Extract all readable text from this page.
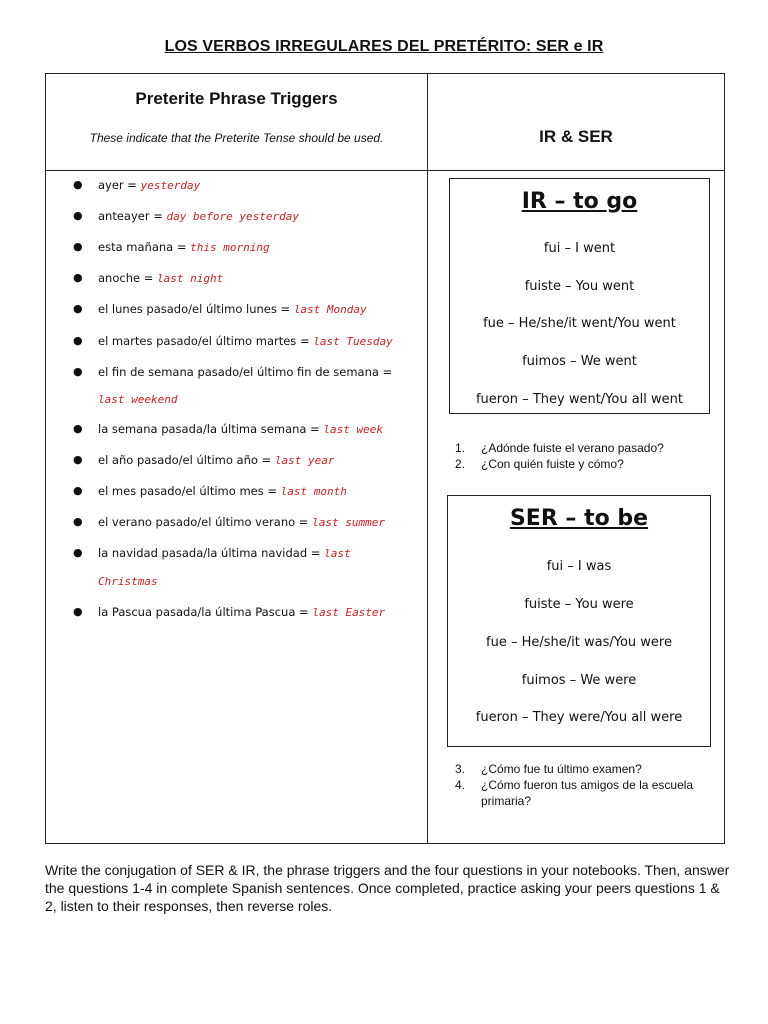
LOS VERBOS IRREGULARES DEL PRETÉRITO: SER e IR
Preterite Phrase Triggers
These indicate that the Preterite Tense should be used.	IR & SER
● ayer = yesterday
● anteayer = day before yesterday
● esta mañana = this morning
● anoche = last night
● el lunes pasado/el último lunes = last Monday
● el martes pasado/el último martes = last Tuesday
● el fin de semana pasado/el último fin de semana =
last weekend
● la semana pasada/la última semana = last week
● el año pasado/el último año = last year
● el mes pasado/el último mes = last month
● el verano pasado/el último verano = last summer
● la navidad pasada/la última navidad = last
Christmas
● la Pascua pasada/la última Pascua = last Easter
IR – to go
fui – I went
fuiste – You went
fue – He/she/it went/You went
fuimos – We went
fueron – They went/You all went
1. ¿Adónde fuiste el verano pasado?
2. ¿Con quién fuiste y cómo?
SER – to be
fui – I was
fuiste – You were
fue – He/she/it was/You were
fuimos – We were
fueron – They were/You all were
3. ¿Cómo fue tu último examen?
4. ¿Cómo fueron tus amigos de la escuela primaria?
Write the conjugation of SER & IR, the phrase triggers and the four questions in your notebooks. Then, answer the questions 1-4 in complete Spanish sentences. Once completed, practice asking your peers questions 1 & 2, listen to their responses, then reverse roles.
